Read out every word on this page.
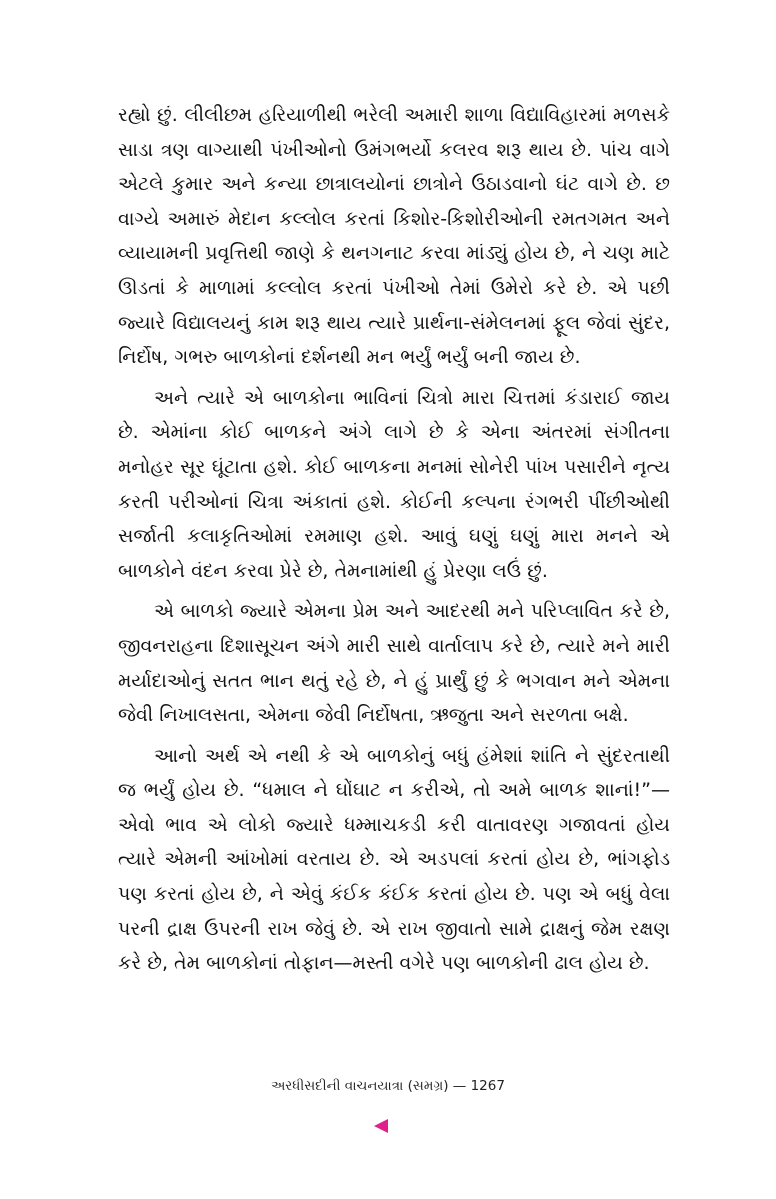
રહ્યો છું. લીલીછમ હરિયાળીથી ભરેલી અમારી શાળા વિદ્યાવિહારમાં મળસકે સાડા ત્રણ વાગ્યાથી પંખીઓનો ઉમંગભર્યો કલરવ શરૂ થાય છે. પાંચ વાગે એટલે કુમાર અને કન્યા છાત્રાલયોનાં છાત્રોને ઉઠાડવાનો ઘંટ વાગે છે. છ વાગ્યે અમારું મેદાન કલ્લોલ કરતાં કિશોર-કિશોરીઓની રમતગમત અને વ્યાયામની પ્રવૃત્તિથી જાણે કે થનગનાટ કરવા માંડ્યું હોય છે, ને ચણ માટે ઊડતાં કે માળામાં કલ્લોલ કરતાં પંખીઓ તેમાં ઉમેરો કરે છે. એ પછી જ્યારે વિદ્યાલયનું કામ શરૂ થાય ત્યારે પ્રાર્થના-સંમેલનમાં ફૂલ જેવાં સુંદર, નિર્દોષ, ગભરુ બાળકોનાં દર્શનથી મન ભર્યું ભર્યું બની જાય છે.

અને ત્યારે એ બાળકોના ભાવિનાં ચિત્રો મારા ચિત્તમાં કંડારાઈ જાય છે. એમાંના કોઈ બાળકને અંગે લાગે છે કે એના અંતરમાં સંગીતના મનોહર સૂર ઘૂંટાતા હશે. કોઈ બાળકના મનમાં સોનેરી પાંખ પસારીને નૃત્ય કરતી પરીઓનાં ચિત્રા અંકાતાં હશે. કોઈની કલ્પના રંગભરી પીંછીઓથી સર્જાતી કલાકૃતિઓમાં રમમાણ હશે. આવું ઘણું ઘણું મારા મનને એ બાળકોને વંદન કરવા પ્રેરે છે, તેમનામાંથી હું પ્રેરણા લઉં છું.

એ બાળકો જ્યારે એમના પ્રેમ અને આદરથી મને પરિપ્લાવિત કરે છે, જીવનરાહના દિશાસૂચન અંગે મારી સાથે વાર્તાલાપ કરે છે, ત્યારે મને મારી મર્યાદાઓનું સતત ભાન થતું રહે છે, ને હું પ્રાર્થું છું કે ભગવાન મને એમના જેવી નિખાલસતા, એમના જેવી નિર્દોષતા, ઋજુતા અને સરળતા બક્ષે.

આનો અર્થ એ નથી કે એ બાળકોનું બધું હંમેશાં શાંતિ ને સુંદરતાથી જ ભર્યું હોય છે. “ધમાલ ને ઘોંઘાટ ન કરીએ, તો અમે બાળક શાનાં!”—એવો ભાવ એ લોકો જ્યારે ધમ્માચકડી કરી વાતાવરણ ગજાવતાં હોય ત્યારે એમની આંખોમાં વરતાય છે. એ અડપલાં કરતાં હોય છે, ભાંગફોડ પણ કરતાં હોય છે, ને એવું કંઈક કંઈક કરતાં હોય છે. પણ એ બધું વેલા પરની દ્રાક્ષ ઉપરની રાખ જેવું છે. એ રાખ જીવાતો સામે દ્રાક્ષનું જેમ રક્ષણ કરે છે, તેમ બાળકોનાં તોફાન—મસ્તી વગેરે પણ બાળકોની ઢાલ હોય છે.

અરધીસદીની વાચનયાત્રા (સમગ્ર) — 1267
